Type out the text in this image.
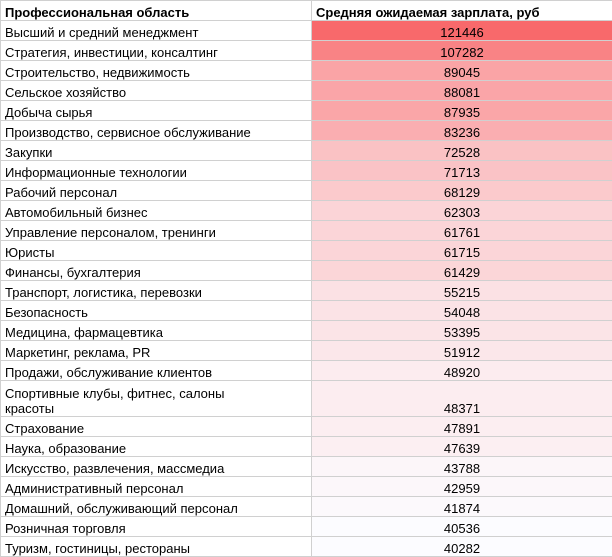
Профессиональная область	Средняя ожидаемая зарплата, руб
Высший и средний менеджмент	121446
Стратегия, инвестиции, консалтинг	107282
Строительство, недвижимость	89045
Сельское хозяйство	88081
Добыча сырья	87935
Производство, сервисное обслуживание	83236
Закупки	72528
Информационные технологии	71713
Рабочий персонал	68129
Автомобильный бизнес	62303
Управление персоналом, тренинги	61761
Юристы	61715
Финансы, бухгалтерия	61429
Транспорт, логистика, перевозки	55215
Безопасность	54048
Медицина, фармацевтика	53395
Маркетинг, реклама, PR	51912
Продажи, обслуживание клиентов	48920
Спортивные клубы, фитнес, салоны красоты	48371
Страхование	47891
Наука, образование	47639
Искусство, развлечения, массмедиа	43788
Административный персонал	42959
Домашний, обслуживающий персонал	41874
Розничная торговля	40536
Туризм, гостиницы, рестораны	40282
